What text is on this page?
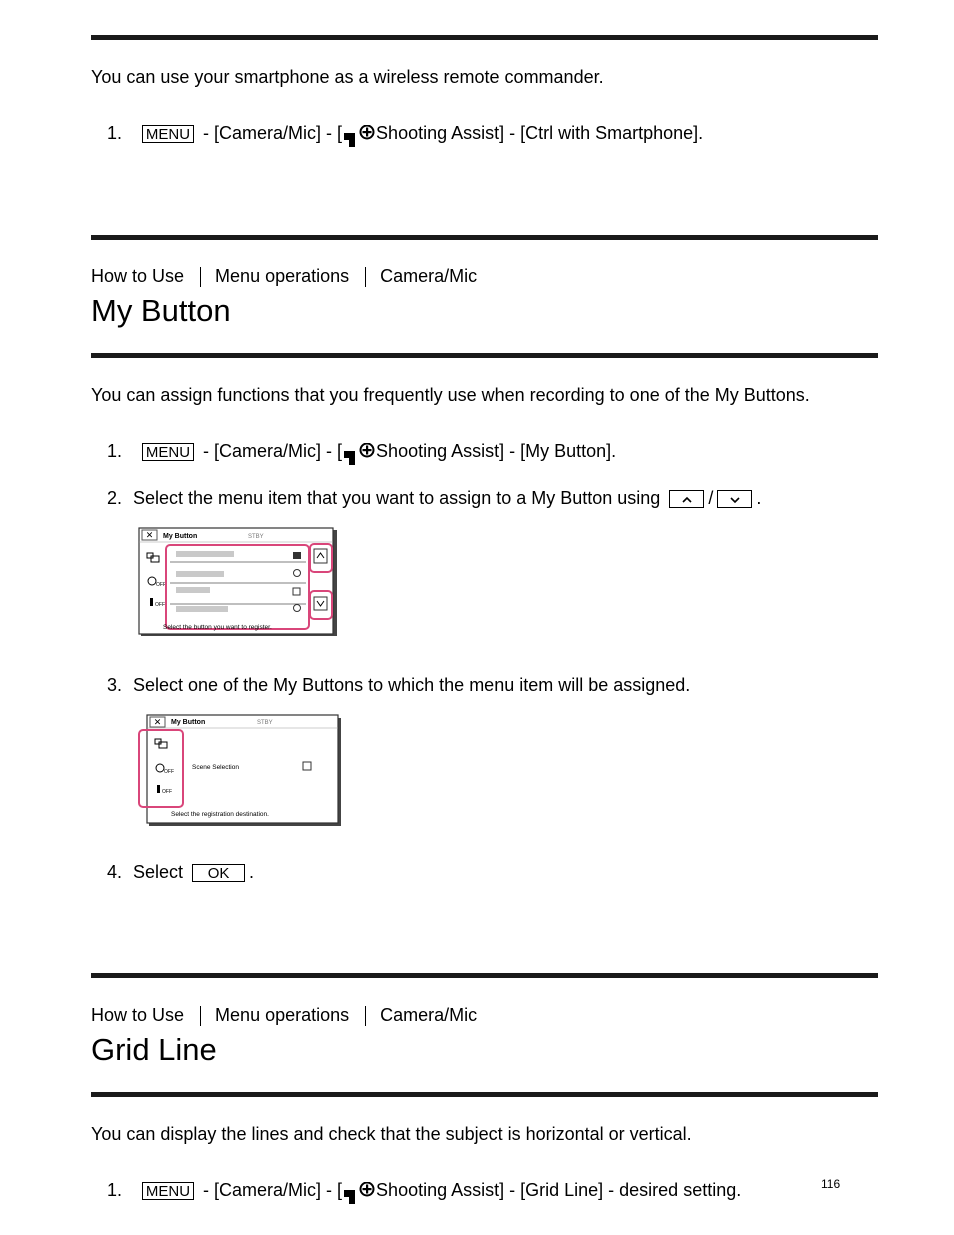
You can use your smartphone as a wireless remote commander.
1. MENU - [Camera/Mic] - [ Shooting Assist] - [Ctrl with Smartphone].
How to Use Menu operations Camera/Mic
My Button
You can assign functions that you frequently use when recording to one of the My Buttons.
1. MENU - [Camera/Mic] - [ Shooting Assist] - [My Button].
2. Select the menu item that you want to assign to a My Button using	/ .
✕ My Button	STBY
OFF
OFF
Select the button you want to register.
3. Select one of the My Buttons to which the menu item will be assigned.
✕ My Button	STBY
OFF
OFF
Scene Selection
Select the registration destination.
4. Select OK .
How to Use Menu operations Camera/Mic
Grid Line
You can display the lines and check that the subject is horizontal or vertical.
1. MENU - [Camera/Mic] - [ Shooting Assist] - [Grid Line] - desired setting.	116
